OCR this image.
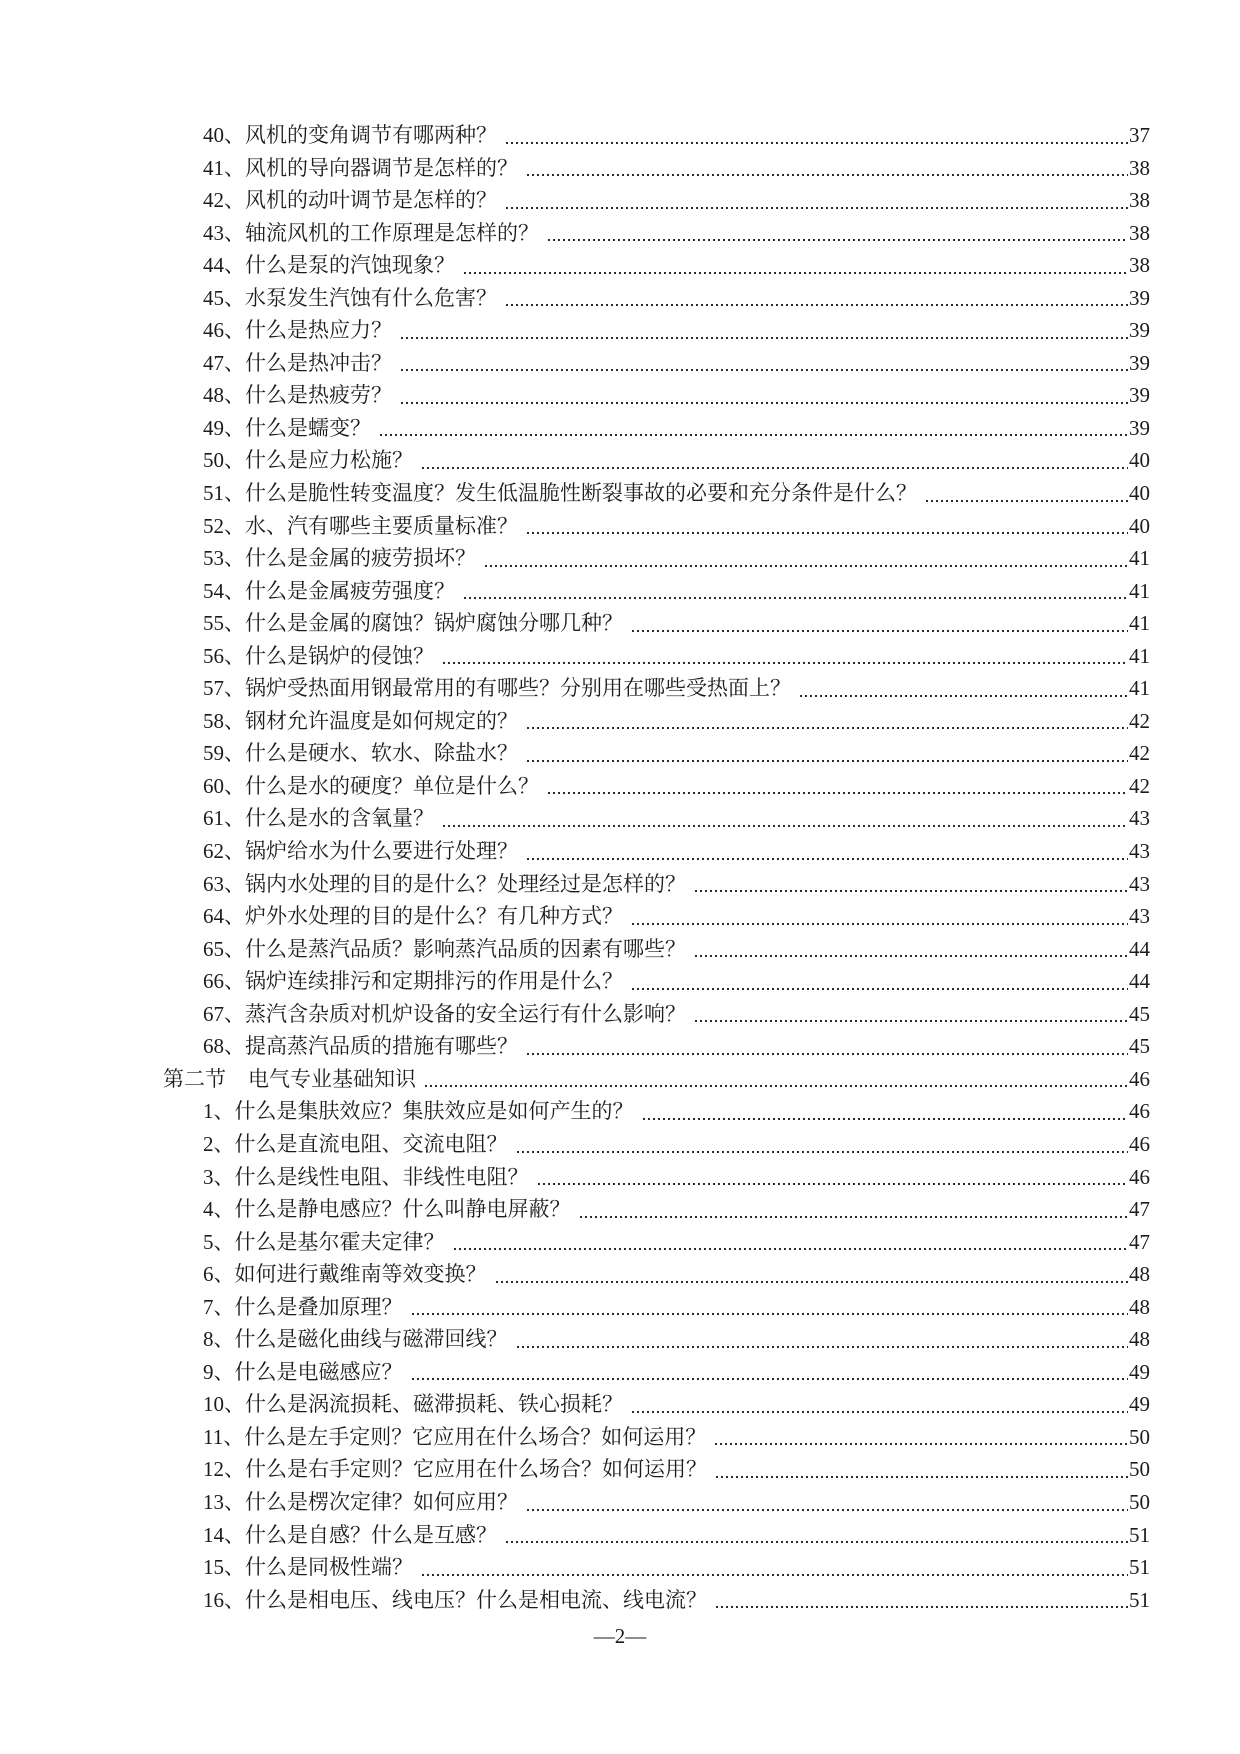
40、风机的变角调节有哪两种？	37
41、风机的导向器调节是怎样的？	38
42、风机的动叶调节是怎样的？	38
43、轴流风机的工作原理是怎样的？	38
44、什么是泵的汽蚀现象？	38
45、水泵发生汽蚀有什么危害？	39
46、什么是热应力？	39
47、什么是热冲击？	39
48、什么是热疲劳？	39
49、什么是蠕变？	39
50、什么是应力松施？	40
51、什么是脆性转变温度？发生低温脆性断裂事故的必要和充分条件是什么？	40
52、水、汽有哪些主要质量标准？	40
53、什么是金属的疲劳损坏？	41
54、什么是金属疲劳强度？	41
55、什么是金属的腐蚀？锅炉腐蚀分哪几种？	41
56、什么是锅炉的侵蚀？	41
57、锅炉受热面用钢最常用的有哪些？分别用在哪些受热面上？	41
58、钢材允许温度是如何规定的？	42
59、什么是硬水、软水、除盐水？	42
60、什么是水的硬度？单位是什么？	42
61、什么是水的含氧量？	43
62、锅炉给水为什么要进行处理？	43
63、锅内水处理的目的是什么？处理经过是怎样的？	43
64、炉外水处理的目的是什么？有几种方式？	43
65、什么是蒸汽品质？影响蒸汽品质的因素有哪些？	44
66、锅炉连续排污和定期排污的作用是什么？	44
67、蒸汽含杂质对机炉设备的安全运行有什么影响？	45
68、提高蒸汽品质的措施有哪些？	45
第二节 电气专业基础知识	46
1、什么是集肤效应？集肤效应是如何产生的？	46
2、什么是直流电阻、交流电阻？	46
3、什么是线性电阻、非线性电阻？	46
4、什么是静电感应？什么叫静电屏蔽？	47
5、什么是基尔霍夫定律？	47
6、如何进行戴维南等效变换？	48
7、什么是叠加原理？	48
8、什么是磁化曲线与磁滞回线？	48
9、什么是电磁感应？	49
10、什么是涡流损耗、磁滞损耗、铁心损耗？	49
11、什么是左手定则？它应用在什么场合？如何运用？	50
12、什么是右手定则？它应用在什么场合？如何运用？	50
13、什么是楞次定律？如何应用？	50
14、什么是自感？什么是互感？	51
15、什么是同极性端？	51
16、什么是相电压、线电压？什么是相电流、线电流？	51
—2—
